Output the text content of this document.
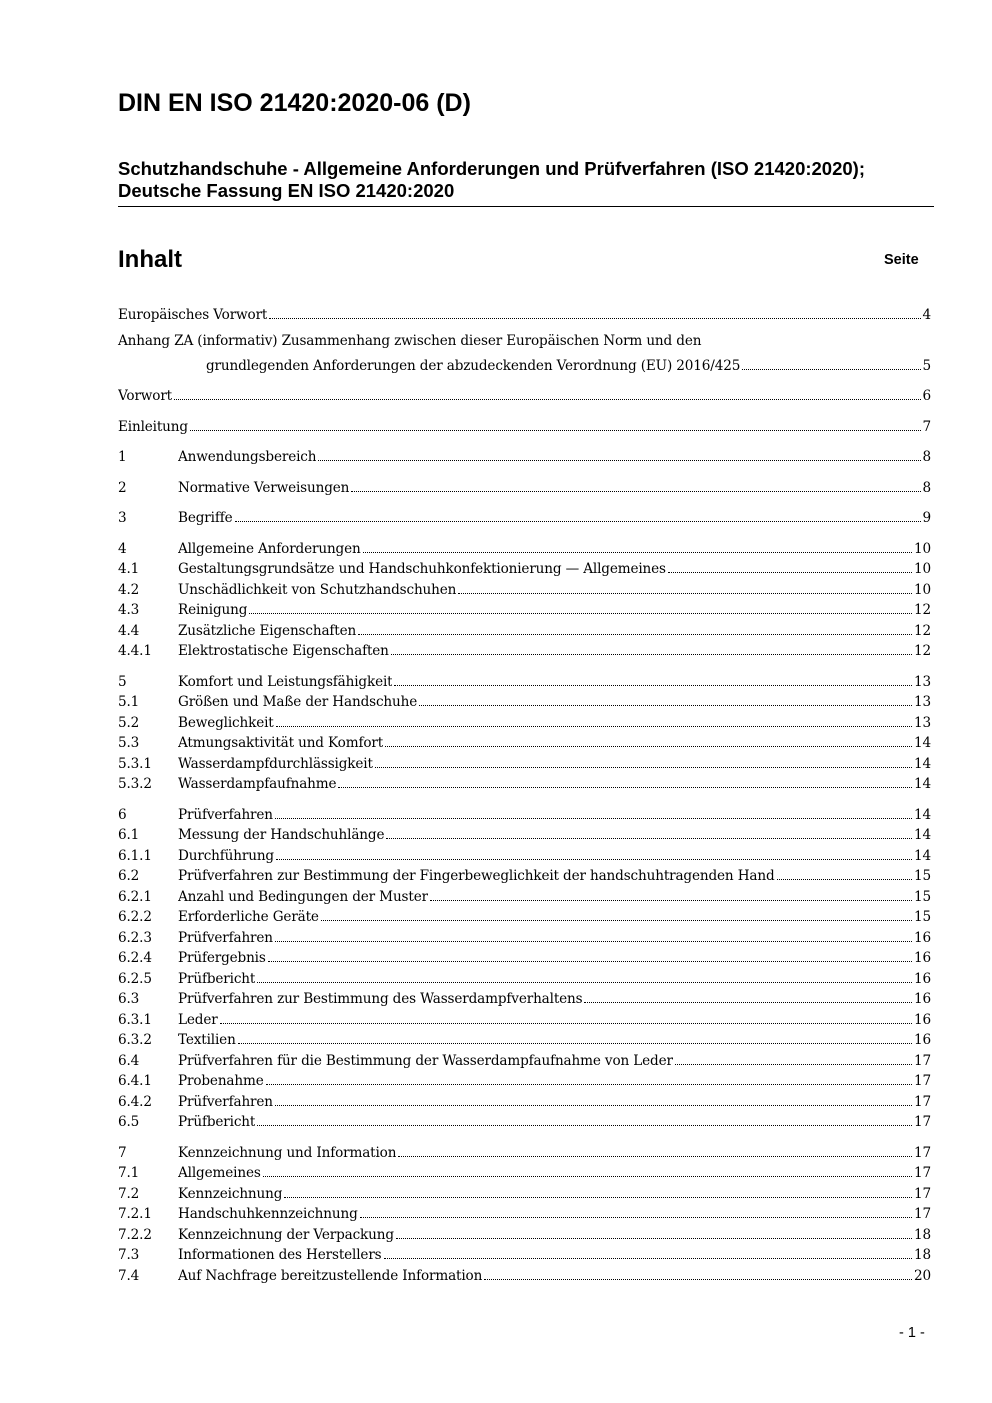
DIN EN ISO 21420:2020-06 (D)
Schutzhandschuhe - Allgemeine Anforderungen und Prüfverfahren (ISO 21420:2020);
Deutsche Fassung EN ISO 21420:2020
Inhalt	Seite
Europäisches Vorwort	4
Anhang ZA (informativ) Zusammenhang zwischen dieser Europäischen Norm und den
grundlegenden Anforderungen der abzudeckenden Verordnung (EU) 2016/425	5
Vorwort	6
Einleitung	7
1	Anwendungsbereich	8
2	Normative Verweisungen	8
3	Begriffe	9
4	Allgemeine Anforderungen	10
4.1	Gestaltungsgrundsätze und Handschuhkonfektionierung — Allgemeines	10
4.2	Unschädlichkeit von Schutzhandschuhen	10
4.3	Reinigung	12
4.4	Zusätzliche Eigenschaften	12
4.4.1	Elektrostatische Eigenschaften	12
5	Komfort und Leistungsfähigkeit	13
5.1	Größen und Maße der Handschuhe	13
5.2	Beweglichkeit	13
5.3	Atmungsaktivität und Komfort	14
5.3.1	Wasserdampfdurchlässigkeit	14
5.3.2	Wasserdampfaufnahme	14
6	Prüfverfahren	14
6.1	Messung der Handschuhlänge	14
6.1.1	Durchführung	14
6.2	Prüfverfahren zur Bestimmung der Fingerbeweglichkeit der handschuhtragenden Hand	15
6.2.1	Anzahl und Bedingungen der Muster	15
6.2.2	Erforderliche Geräte	15
6.2.3	Prüfverfahren	16
6.2.4	Prüfergebnis	16
6.2.5	Prüfbericht	16
6.3	Prüfverfahren zur Bestimmung des Wasserdampfverhaltens	16
6.3.1	Leder	16
6.3.2	Textilien	16
6.4	Prüfverfahren für die Bestimmung der Wasserdampfaufnahme von Leder	17
6.4.1	Probenahme	17
6.4.2	Prüfverfahren	17
6.5	Prüfbericht	17
7	Kennzeichnung und Information	17
7.1	Allgemeines	17
7.2	Kennzeichnung	17
7.2.1	Handschuhkennzeichnung	17
7.2.2	Kennzeichnung der Verpackung	18
7.3	Informationen des Herstellers	18
7.4	Auf Nachfrage bereitzustellende Information	20
- 1 -
